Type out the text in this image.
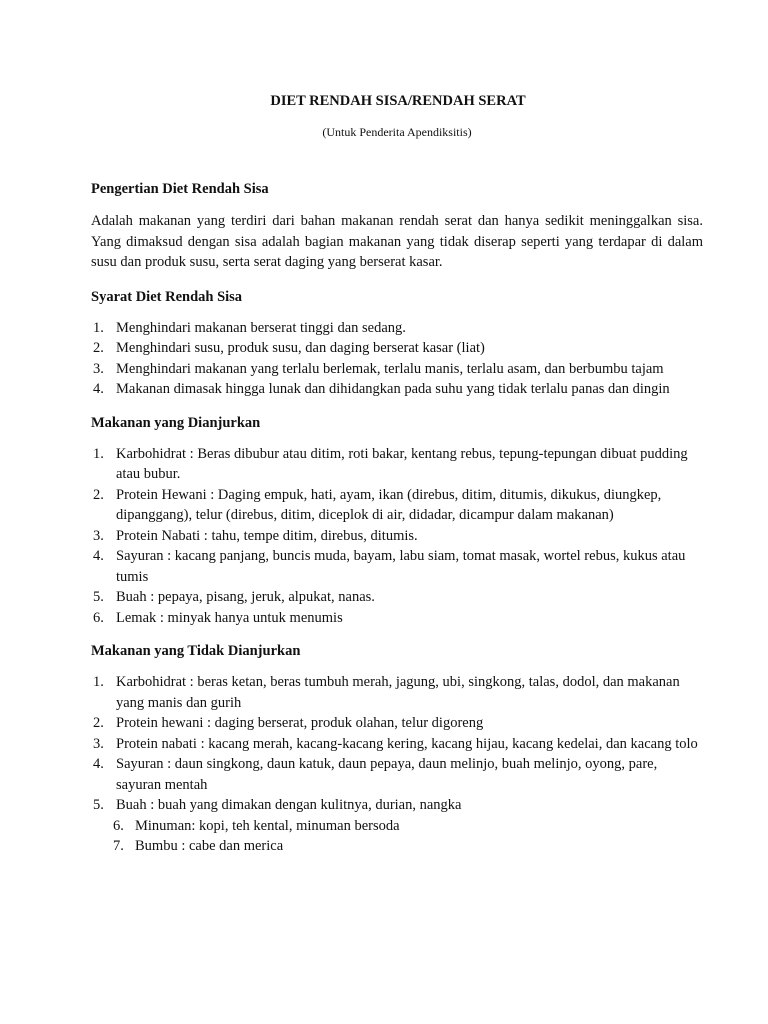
DIET RENDAH SISA/RENDAH SERAT
(Untuk Penderita Apendiksitis)
Pengertian Diet Rendah Sisa

Adalah makanan yang terdiri dari bahan makanan rendah serat dan hanya sedikit meninggalkan sisa. Yang dimaksud dengan sisa adalah bagian makanan yang tidak diserap seperti yang terdapar di dalam susu dan produk susu, serta serat daging yang berserat kasar.

Syarat Diet Rendah Sisa
1. Menghindari makanan berserat tinggi dan sedang.
2. Menghindari susu, produk susu, dan daging berserat kasar (liat)
3. Menghindari makanan yang terlalu berlemak, terlalu manis, terlalu asam, dan berbumbu tajam
4. Makanan dimasak hingga lunak dan dihidangkan pada suhu yang tidak terlalu panas dan dingin
Makanan yang Dianjurkan
1. Karbohidrat : Beras dibubur atau ditim, roti bakar, kentang rebus, tepung-tepungan dibuat pudding atau bubur.
2. Protein Hewani : Daging empuk, hati, ayam, ikan (direbus, ditim, ditumis, dikukus, diungkep, dipanggang), telur (direbus, ditim, diceplok di air, didadar, dicampur dalam makanan)
3. Protein Nabati : tahu, tempe ditim, direbus, ditumis.
4. Sayuran : kacang panjang, buncis muda, bayam, labu siam, tomat masak, wortel rebus, kukus atau tumis
5. Buah : pepaya, pisang, jeruk, alpukat, nanas.
6. Lemak : minyak hanya untuk menumis
Makanan yang Tidak Dianjurkan
1. Karbohidrat : beras ketan, beras tumbuh merah, jagung, ubi, singkong, talas, dodol, dan makanan yang manis dan gurih
2. Protein hewani : daging berserat, produk olahan, telur digoreng
3. Protein nabati : kacang merah, kacang-kacang kering, kacang hijau, kacang kedelai, dan kacang tolo
4. Sayuran : daun singkong, daun katuk, daun pepaya, daun melinjo, buah melinjo, oyong, pare, sayuran mentah
5. Buah : buah yang dimakan dengan kulitnya, durian, nangka
6. Minuman: kopi, teh kental, minuman bersoda
7. Bumbu : cabe dan merica
